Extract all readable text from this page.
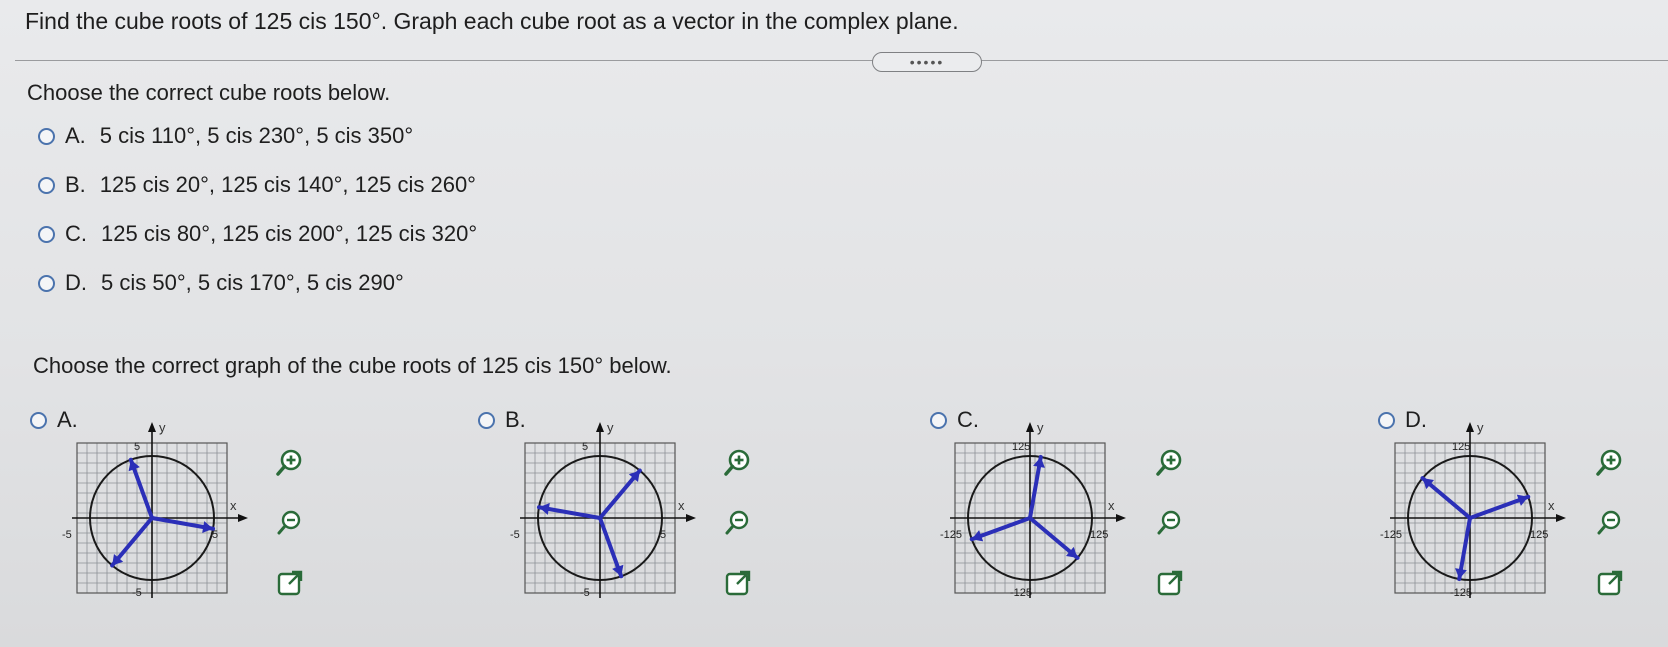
Find the cube roots of 125 cis 150°. Graph each cube root as a vector in the complex plane.
•••••
Choose the correct cube roots below.
A. 5 cis 110°, 5 cis 230°, 5 cis 350°
B. 125 cis 20°, 125 cis 140°, 125 cis 260°
C. 125 cis 80°, 125 cis 200°, 125 cis 320°
D. 5 cis 50°, 5 cis 170°, 5 cis 290°
Choose the correct graph of the cube roots of 125 cis 150° below.
A.	y
x
5
5
-5
-5
B.	y
x
5
5
-5
-5
C.	y
x
125
125
-125
-125
D.	y
x
125
125
-125
-125
